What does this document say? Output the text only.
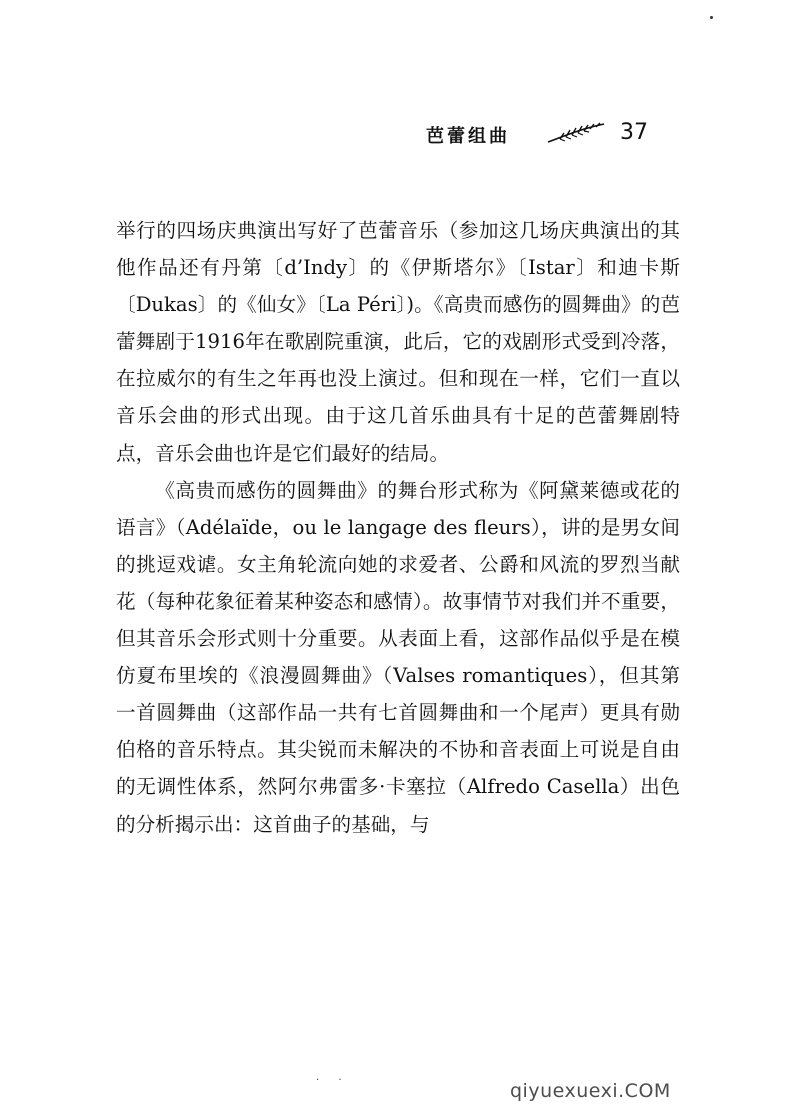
芭蕾组曲	37

举行的四场庆典演出写好了芭蕾音乐（参加这几场庆典演出的其他作品还有丹第〔d’Indy〕的《伊斯塔尔》〔Istar〕和迪卡斯〔Dukas〕的《仙女》〔La Péri〕)。《高贵而感伤的圆舞曲》的芭蕾舞剧于1916年在歌剧院重演，此后，它的戏剧形式受到冷落，在拉威尔的有生之年再也没上演过。但和现在一样，它们一直以音乐会曲的形式出现。由于这几首乐曲具有十足的芭蕾舞剧特点，音乐会曲也许是它们最好的结局。

《高贵而感伤的圆舞曲》的舞台形式称为《阿黛莱德或花的语言》（Adélaïde，ou le langage des fleurs），讲的是男女间的挑逗戏谑。女主角轮流向她的求爱者、公爵和风流的罗烈当献花（每种花象征着某种姿态和感情）。故事情节对我们并不重要，但其音乐会形式则十分重要。从表面上看，这部作品似乎是在模仿夏布里埃的《浪漫圆舞曲》（Valses romantiques），但其第一首圆舞曲（这部作品一共有七首圆舞曲和一个尾声）更具有勋伯格的音乐特点。其尖锐而未解决的不协和音表面上可说是自由的无调性体系，然阿尔弗雷多·卡塞拉（Alfredo Casella）出色的分析揭示出：这首曲子的基础，与

· ·	qiyuexuexi.COM
